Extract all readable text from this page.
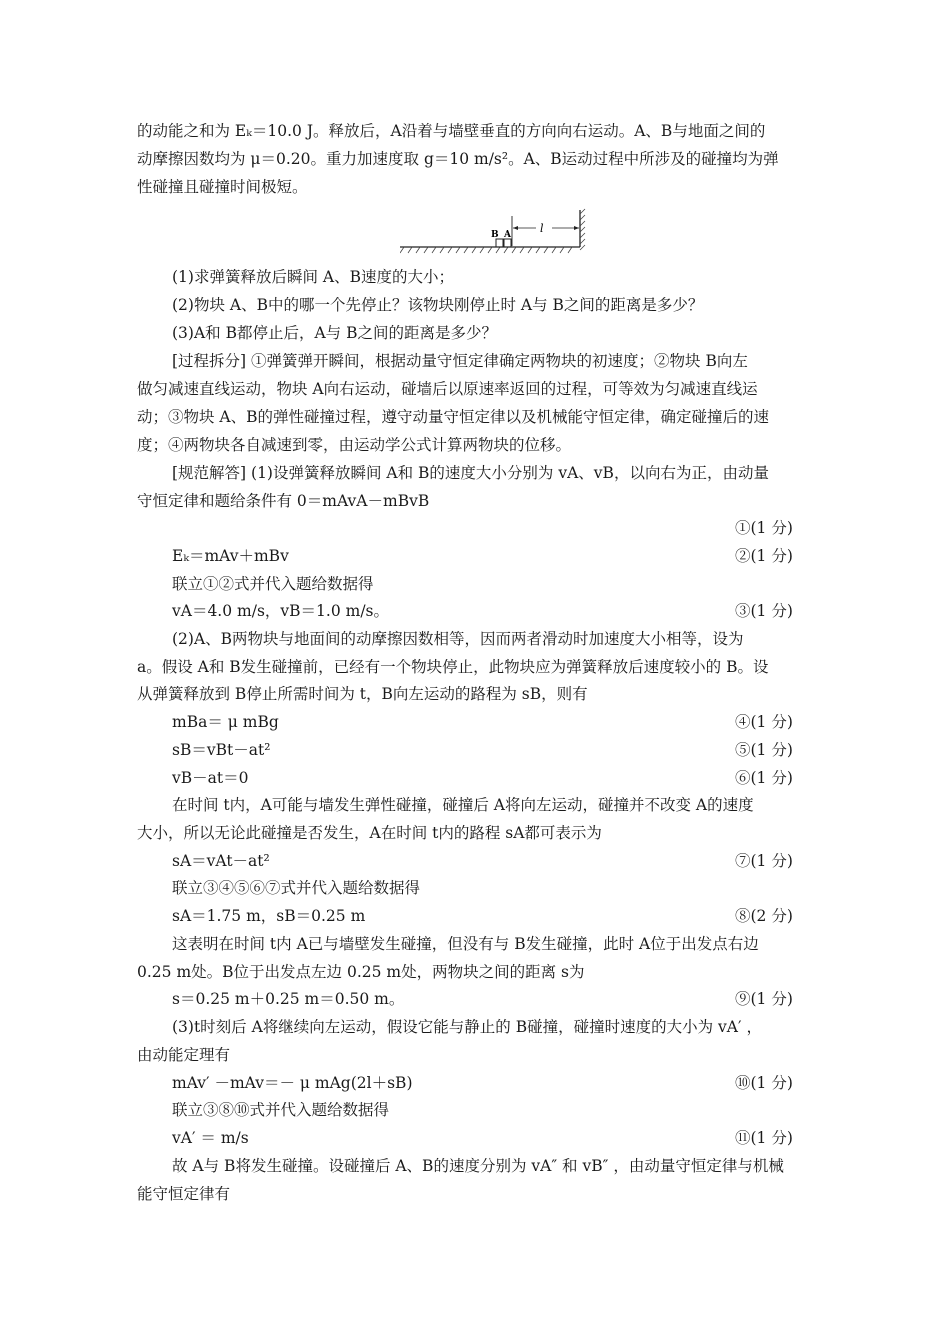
的动能之和为 Eₖ＝10.0 J。释放后，A沿着与墙壁垂直的方向向右运动。A、B与地面之间的
动摩擦因数均为 μ＝0.20。重力加速度取 g＝10 m/s²。A、B运动过程中所涉及的碰撞均为弹
性碰撞且碰撞时间极短。
B A	l
(1)求弹簧释放后瞬间 A、B速度的大小；
(2)物块 A、B中的哪一个先停止？该物块刚停止时 A与 B之间的距离是多少？
(3)A和 B都停止后，A与 B之间的距离是多少？
[过程拆分] ①弹簧弹开瞬间，根据动量守恒定律确定两物块的初速度；②物块 B向左
做匀减速直线运动，物块 A向右运动，碰墙后以原速率返回的过程，可等效为匀减速直线运
动；③物块 A、B的弹性碰撞过程，遵守动量守恒定律以及机械能守恒定律，确定碰撞后的速
度；④两物块各自减速到零，由运动学公式计算两物块的位移。
[规范解答] (1)设弹簧释放瞬间 A和 B的速度大小分别为 vA、vB，以向右为正，由动量
守恒定律和题给条件有 0＝mAvA－mBvB
①(1 分)
Eₖ＝mAv＋mBv	②(1 分)
联立①②式并代入题给数据得
vA＝4.0 m/s，vB＝1.0 m/s。	③(1 分)
(2)A、B两物块与地面间的动摩擦因数相等，因而两者滑动时加速度大小相等，设为
a。假设 A和 B发生碰撞前，已经有一个物块停止，此物块应为弹簧释放后速度较小的 B。设
从弹簧释放到 B停止所需时间为 t，B向左运动的路程为 sB，则有
mBa＝ μ mBg	④(1 分)
sB＝vBt－at²	⑤(1 分)
vB－at＝0	⑥(1 分)
在时间 t内，A可能与墙发生弹性碰撞，碰撞后 A将向左运动，碰撞并不改变 A的速度
大小，所以无论此碰撞是否发生，A在时间 t内的路程 sA都可表示为
sA＝vAt－at²	⑦(1 分)
联立③④⑤⑥⑦式并代入题给数据得
sA＝1.75 m，sB＝0.25 m	⑧(2 分)
这表明在时间 t内 A已与墙壁发生碰撞，但没有与 B发生碰撞，此时 A位于出发点右边
0.25 m处。B位于出发点左边 0.25 m处，两物块之间的距离 s为
s＝0.25 m＋0.25 m＝0.50 m。	⑨(1 分)
(3)t时刻后 A将继续向左运动，假设它能与静止的 B碰撞，碰撞时速度的大小为 vA′ ，
由动能定理有
mAv′ －mAv＝－ μ mAg(2l＋sB)	⑩(1 分)
联立③⑧⑩式并代入题给数据得
vA′ ＝ m/s	⑪(1 分)
故 A与 B将发生碰撞。设碰撞后 A、B的速度分别为 vA″ 和 vB″ ，由动量守恒定律与机械
能守恒定律有
